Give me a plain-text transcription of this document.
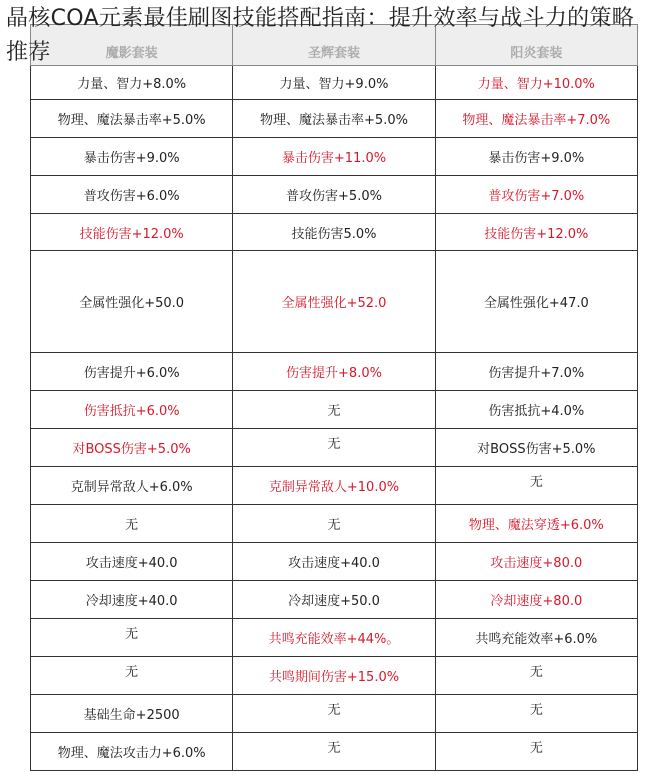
晶核COA元素最佳刷图技能搭配指南：提升效率与战斗力的策略推荐	魔影套装	圣辉套装	阳炎套装
力量、智力+8.0%	力量、智力+9.0%	力量、智力+10.0%
物理、魔法暴击率+5.0%	物理、魔法暴击率+5.0%	物理、魔法暴击率+7.0%
暴击伤害+9.0%	暴击伤害+11.0%	暴击伤害+9.0%
普攻伤害+6.0%	普攻伤害+5.0%	普攻伤害+7.0%
技能伤害+12.0%	技能伤害5.0%	技能伤害+12.0%
全属性强化+50.0	全属性强化+52.0	全属性强化+47.0
伤害提升+6.0%	伤害提升+8.0%	伤害提升+7.0%
伤害抵抗+6.0%	无	伤害抵抗+4.0%
对BOSS伤害+5.0%	无	对BOSS伤害+5.0%
克制异常敌人+6.0%	克制异常敌人+10.0%	无
无	无	物理、魔法穿透+6.0%
攻击速度+40.0	攻击速度+40.0	攻击速度+80.0
冷却速度+40.0	冷却速度+50.0	冷却速度+80.0
无	共鸣充能效率+44%。	共鸣充能效率+6.0%
无	共鸣期间伤害+15.0%	无
基础生命+2500	无	无
物理、魔法攻击力+6.0%	无	无
